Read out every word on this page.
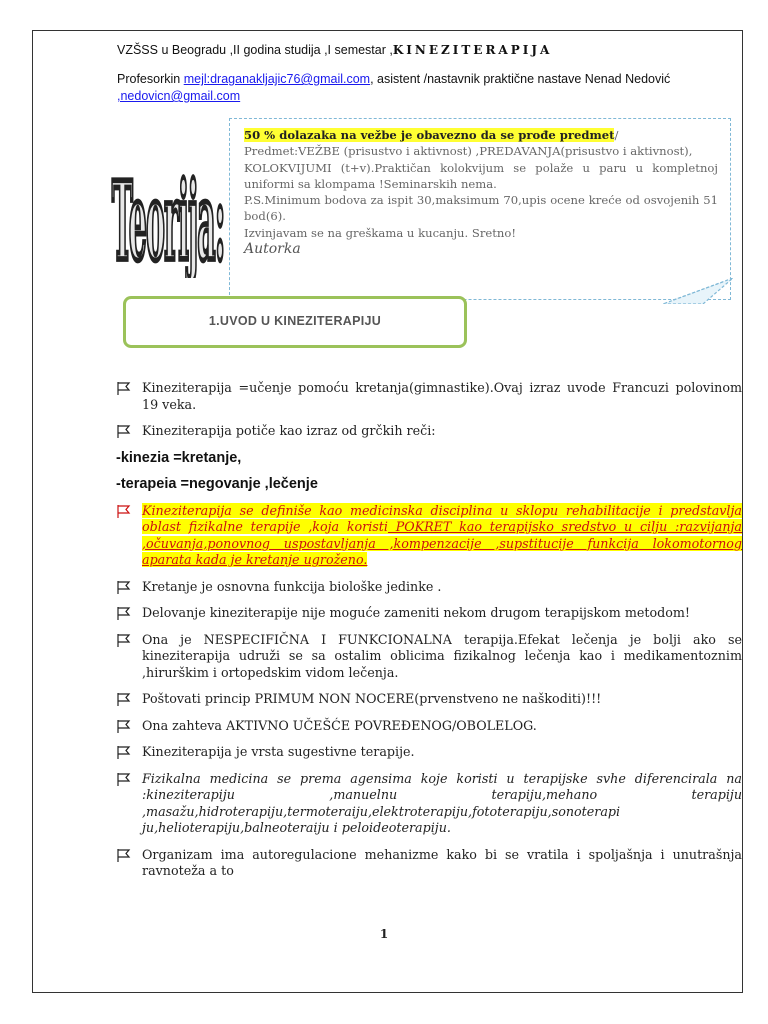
VZŠSS u Beogradu ,II godina studija ,I semestar ,KINEZITERAPIJA
Profesorkin mejl:draganakljajic76@gmail.com, asistent /nastavnik praktične nastave Nenad Nedović ,nedovicn@gmail.com
Teorija:

50 % dolazaka na vežbe je obavezno da se prođe predmet/

Predmet:VEŽBE (prisustvo i aktivnost) ,PREDAVANJA(prisustvo i aktivnost),

KOLOKVIJUMI (t+v).Praktičan kolokvijum se polaže u paru u kompletnoj uniformi sa klompama !Seminarskih nema.

P.S.Minimum bodova za ispit 30,maksimum 70,upis ocene kreće od osvojenih 51 bod(6).

Izvinjavam se na greškama u kucanju. Sretno!

Autorka

1.UVOD U KINEZITERAPIJU
Kineziterapija =učenje pomoću kretanja(gimnastike).Ovaj izraz uvode Francuzi polovinom 19 veka.
Kineziterapija potiče kao izraz od grčkih reči:
-kinezia =kretanje,
-terapeia =negovanje ,lečenje
Kineziterapija se definiše kao medicinska disciplina u sklopu rehabilitacije i predstavlja oblast fizikalne terapije ,koja koristi POKRET kao terapijsko sredstvo u cilju :razvijanja ,očuvanja,ponovnog uspostavljanja ,kompenzacije ,supstitucije funkcija lokomotornog aparata kada je kretanje ugroženo.
Kretanje je osnovna funkcija biološke jedinke .
Delovanje kineziterapije nije moguće zameniti nekom drugom terapijskom metodom!
Ona je NESPECIFIČNA I FUNKCIONALNA terapija.Efekat lečenja je bolji ako se kineziterapija udruži se sa ostalim oblicima fizikalnog lečenja kao i medikamentoznim ,hirurškim i ortopedskim vidom lečenja.
Poštovati princip PRIMUM NON NOCERE(prvenstveno ne naškoditi)!!!
Ona zahteva AKTIVNO UČEŠĆE POVREĐENOG/OBOLELOG.
Kineziterapija je vrsta sugestivne terapije.
Fizikalna medicina se prema agensima koje koristi u terapijske svhe diferencirala na :kineziterapiju ,manuelnu terapiju,mehano terapiju ,masažu,hidroterapiju,termoteraiju,elektroterapiju,fototerapiju,sonoterapi ju,helioterapiju,balneoteraiju i peloideoterapiju.
Organizam ima autoregulacione mehanizme kako bi se vratila i spoljašnja i unutrašnja ravnoteža a to
1
